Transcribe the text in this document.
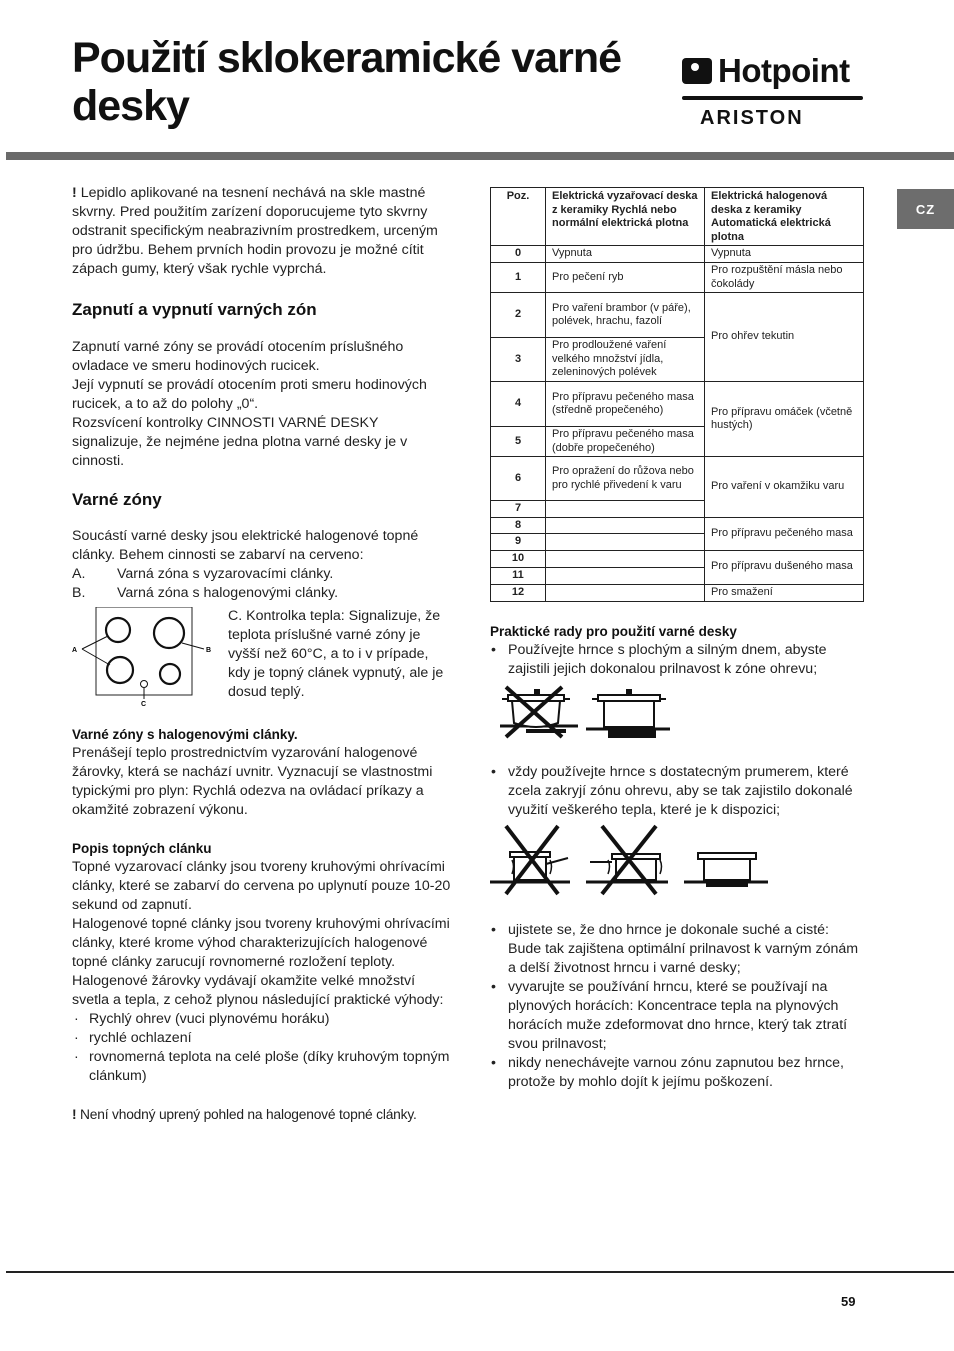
Použití sklokeramické varné desky
Hotpoint
ARISTON
CZ
! Lepidlo aplikované na tesnení nechává na skle mastné skvrny. Pred použitím zarízení doporucujeme tyto skvrny odstranit specifickým neabrazivním prostredkem, urceným pro údržbu. Behem prvních hodin provozu je možné cítit zápach gumy, který však rychle vyprchá.
Zapnutí a vypnutí varných zón
Zapnutí varné zóny se provádí otocením príslušného ovladace ve smeru hodinových rucicek.
Její vypnutí se provádí otocením proti smeru hodinových rucicek, a to až do polohy „0“.
Rozsvícení kontrolky CINNOSTI VARNÉ DESKY signalizuje, že nejméne jedna plotna varné desky je v cinnosti.
Varné zóny
Soucástí varné desky jsou elektrické halogenové topné clánky. Behem cinnosti se zabarví na cerveno:
A.	Varná zóna s vyzarovacími clánky.
B.	Varná zóna s halogenovými clánky.
A	B
C
C. Kontrolka tepla: Signalizuje, že teplota príslušné varné zóny je vyšší než 60°C, a to i v prípade, kdy je topný clánek vypnutý, ale je dosud teplý.
Varné zóny s halogenovými clánky.
Prenášejí teplo prostrednictvím vyzarování halogenové žárovky, která se nachází uvnitr. Vyznacují se vlastnostmi typickými pro plyn: Rychlá odezva na ovládací príkazy a okamžité zobrazení výkonu.
Popis topných clánku
Topné vyzarovací clánky jsou tvoreny kruhovými ohrívacími clánky, které se zabarví do cervena po uplynutí pouze 10-20 sekund od zapnutí.
Halogenové topné clánky jsou tvoreny kruhovými ohrívacími clánky, které krome výhod charakterizujících halogenové topné clánky zarucují rovnomerné rozložení teploty.
Halogenové žárovky vydávají okamžite velké množství svetla a tepla, z cehož plynou následující praktické výhody:
· Rychlý ohrev (vuci plynovému horáku)
· rychlé ochlazení
· rovnomerná teplota na celé ploše (díky kruhovým topným clánkum)
! Není vhodný uprený pohled na halogenové topné clánky.
Poz.	Elektrická vyzařovací deska z keramiky Rychlá nebo normální elektrická plotna	Elektrická halogenová deska z keramiky Automatická elektrická plotna
0	Vypnuta	Vypnuta
1	Pro pečení ryb	Pro rozpuštění másla nebo čokolády
2	Pro vaření brambor (v páře), polévek, hrachu, fazolí	Pro ohřev tekutin
3	Pro prodloužené vaření velkého množství jídla, zeleninových polévek	
4	Pro přípravu pečeného masa (středně propečeného)	Pro přípravu omáček (včetně hustých)
5	Pro přípravu pečeného masa (dobře propečeného)	
6	Pro opražení do růžova nebo pro rychlé přivedení k varu	Pro vaření v okamžiku varu
7		
8		Pro přípravu pečeného masa
9		
10		Pro přípravu dušeného masa
11		
12		Pro smažení
Praktické rady pro použití varné desky
• Používejte hrnce s plochým a silným dnem, abyste zajistili jejich dokonalou prilnavost k zóne ohrevu;
• vždy používejte hrnce s dostatecným prumerem, které zcela zakryjí zónu ohrevu, aby se tak zajistilo dokonalé využití veškerého tepla, které je k dispozici;
• ujistete se, že dno hrnce je dokonale suché a cisté: Bude tak zajištena optimální prilnavost k varným zónám a delší životnost hrncu i varné desky;
• vyvarujte se používání hrncu, které se používají na plynových horácích: Koncentrace tepla na plynových horácích muže zdeformovat dno hrnce, který tak ztratí svou prilnavost;
• nikdy nenechávejte varnou zónu zapnutou bez hrnce, protože by mohlo dojít k jejímu poškození.
59
